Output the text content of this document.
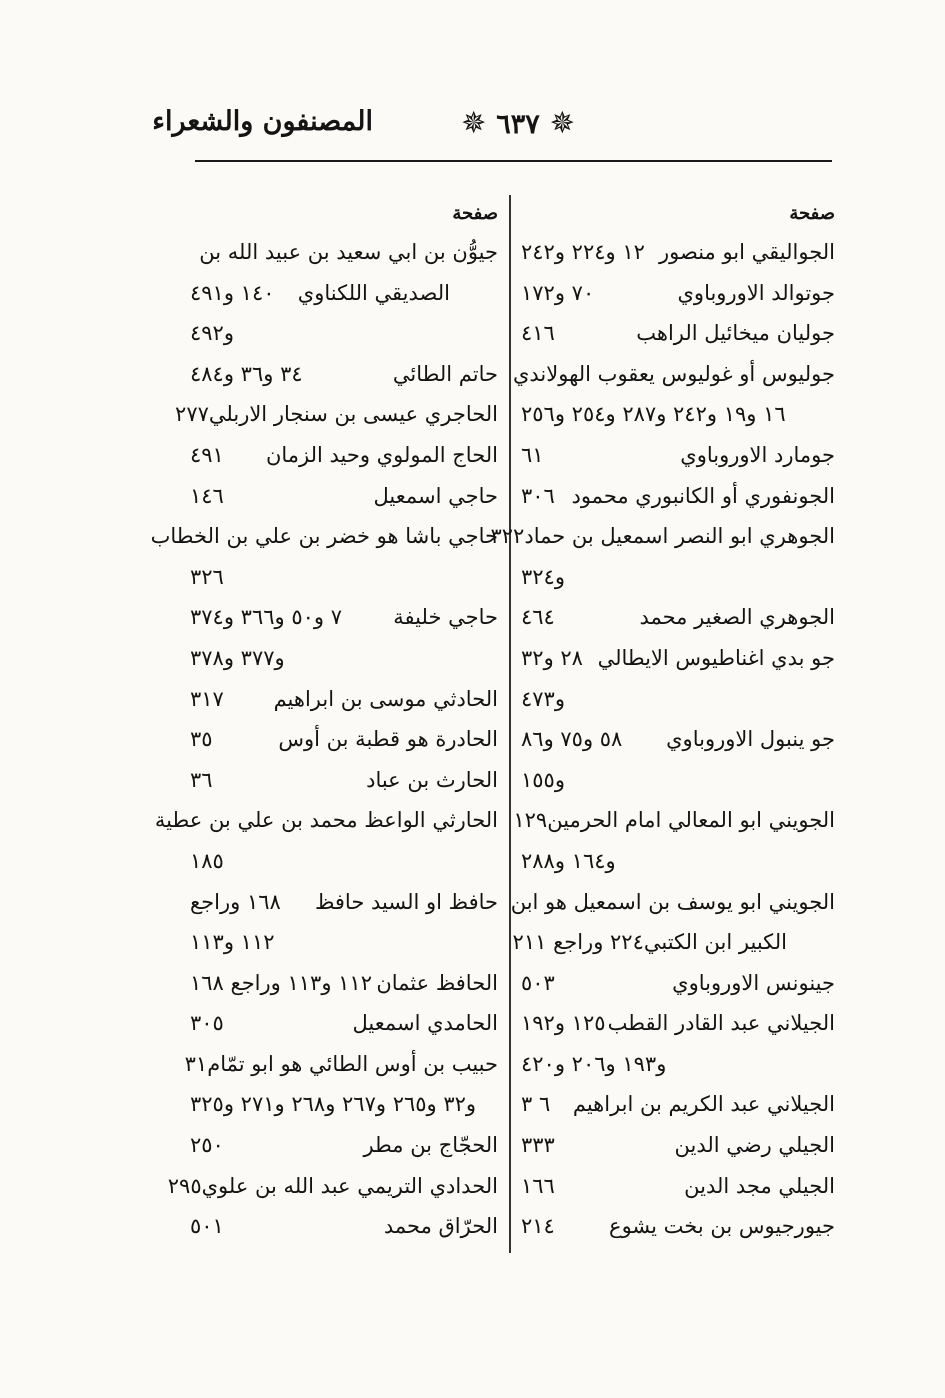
المصنفون والشعراء	✵ ٦٣٧ ✵
صفحة
الجواليقي ابو منصور
١٢ و٢٢٤ و٢٤٢
جوتوالد الاوروباوي
٧٠ و١٧٢
جوليان ميخائيل الراهب
٤١٦
جوليوس أو غوليوس يعقوب الهولاندي
١٦ و١٩ و٢٤٢ و٢٨٧ و٢٥٤ و٢٥٦
جومارد الاوروباوي
٦١
الجونفوري أو الكانبوري محمود
٣٠٦
الجوهري ابو النصر اسمعيل بن حماد
٣٢٢
و٣٢٤
الجوهري الصغير محمد
٤٦٤
جو بدي اغناطيوس الايطالي
٢٨ و٣٢
و٤٧٣
جو ينبول الاوروباوي
٥٨ و٧٥ و٨٦
و١٥٥
الجويني ابو المعالي امام الحرمين
١٢٩
و١٦٤ و٢٨٨
الجويني ابو يوسف بن اسمعيل هو ابن
الكبير ابن الكتبي
٢٢٤ وراجع ٢١١
جينونس الاوروباوي
٥٠٣
الجيلاني عبد القادر القطب
١٢٥ و١٩٢
و١٩٣ و٢٠٦ و٤٢٠
الجيلاني عبد الكريم بن ابراهيم
٦ ٣
الجيلي رضي الدين
٣٣٣
الجيلي مجد الدين
١٦٦
جيورجيوس بن بخت يشوع
٢١٤
صفحة
جيوُّن بن ابي سعيد بن عبيد الله بن
الصديقي اللكناوي
١٤٠ و٤٩١
و٤٩٢
حاتم الطائي
٣٤ و٣٦ و٤٨٤
الحاجري عيسى بن سنجار الاربلي
٢٧٧
الحاج المولوي وحيد الزمان
٤٩١
حاجي اسمعيل
١٤٦
حاجي باشا هو خضر بن علي بن الخطاب
٣٢٦
حاجي خليفة
٧ و٥٠ و٣٦٦ و٣٧٤
و٣٧٧ و٣٧٨
الحادثي موسى بن ابراهيم
٣١٧
الحادرة هو قطبة بن أوس
٣٥
الحارث بن عباد
٣٦
الحارثي الواعظ محمد بن علي بن عطية
١٨٥
حافظ او السيد حافظ
١٦٨ وراجع
١١٢ و١١٣
الحافظ عثمان
١١٢ و١١٣ وراجع ١٦٨
الحامدي اسمعيل
٣٠٥
حبيب بن أوس الطائي هو ابو تمّام
٣١
و٣٢ و٢٦٥ و٢٦٧ و٢٦٨ و٢٧١ و٣٢٥
الحجّاج بن مطر
٢٥٠
الحدادي التريمي عبد الله بن علوي
٢٩٥
الحرّاق محمد
٥٠١
